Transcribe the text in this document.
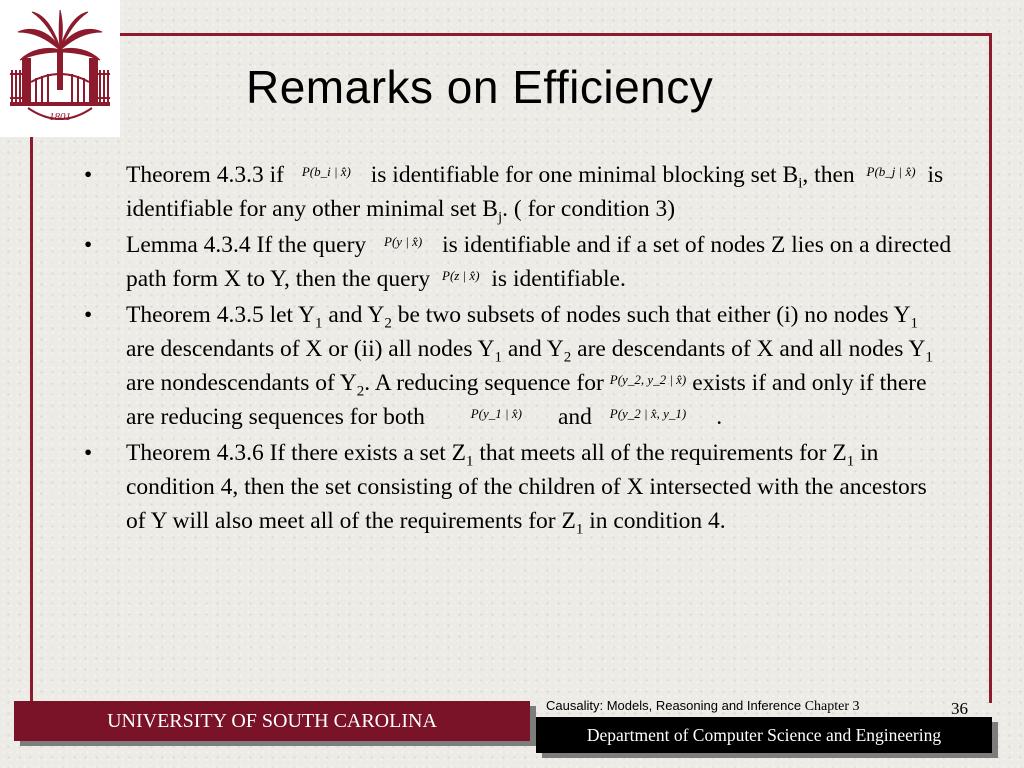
1801
Remarks on Efficiency
• Theorem 4.3.3 if P(b_i | x̂) is identifiable for one minimal blocking set $B_i$, then P(b_j | x̂) is identifiable for any other minimal set $B_j$. ( for condition 3)
• Lemma 4.3.4 If the query P(y | x̂) is identifiable and if a set of nodes Z lies on a directed path form X to Y, then the query P(z | x̂) is identifiable.
• Theorem 4.3.5 let $Y_1$ and $Y_2$ be two subsets of nodes such that either (i) no nodes $Y_1$ are descendants of X or (ii) all nodes $Y_1$ and $Y_2$ are descendants of X and all nodes $Y_1$ are nondescendants of $Y_2$. A reducing sequence for P(y_2, y_2 | x̂) exists if and only if there are reducing sequences for both	P(y_1 | x̂) and P(y_2 | x̂, y_1) .
• Theorem 4.3.6 If there exists a set $Z_1$ that meets all of the requirements for $Z_1$ in condition 4, then the set consisting of the children of X intersected with the ancestors of Y will also meet all of the requirements for $Z_1$ in condition 4.
UNIVERSITY OF SOUTH CAROLINA
Department of Computer Science and Engineering
Causality: Models, Reasoning and Inference Chapter 3	36
